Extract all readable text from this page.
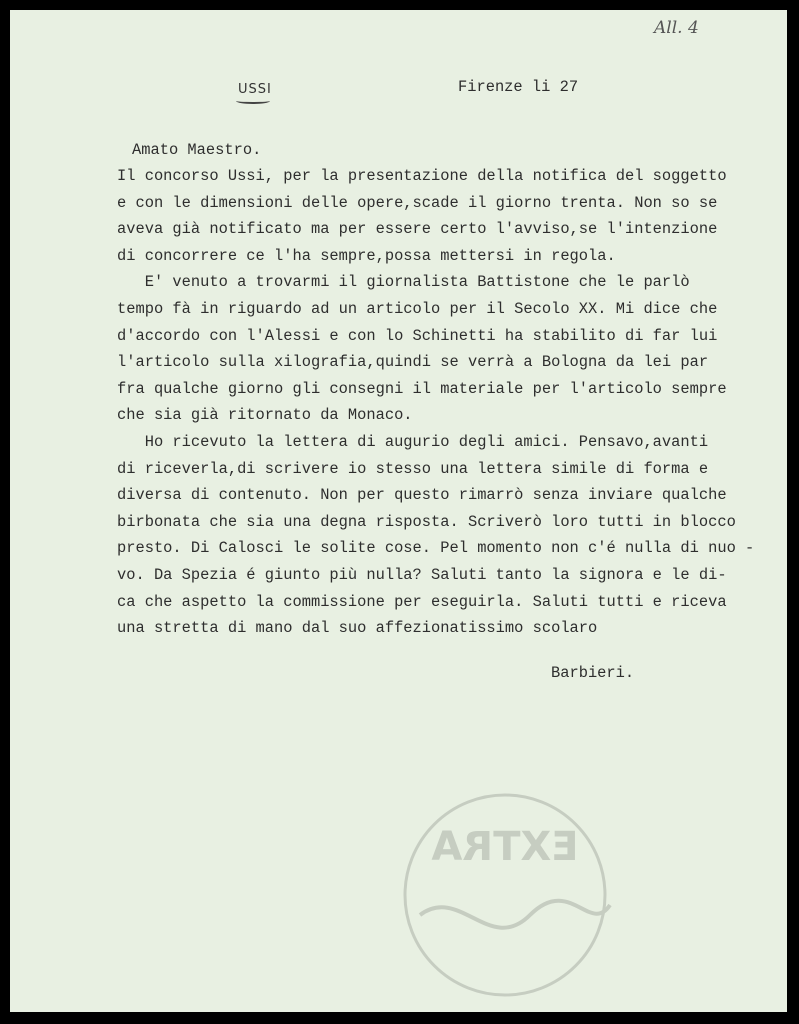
All. 4
USSI	Firenze li 27
Amato Maestro.
Il concorso Ussi, per la presentazione della notifica del soggetto
e con le dimensioni delle opere,scade il giorno trenta. Non so se
aveva già notificato ma per essere certo l'avviso,se l'intenzione
di concorrere ce l'ha sempre,possa mettersi in regola.
E' venuto a trovarmi il giornalista Battistone che le parlò
tempo fà in riguardo ad un articolo per il Secolo XX. Mi dice che
d'accordo con l'Alessi e con lo Schinetti ha stabilito di far lui
l'articolo sulla xilografia,quindi se verrà a Bologna da lei par
fra qualche giorno gli consegni il materiale per l'articolo sempre
che sia già ritornato da Monaco.
Ho ricevuto la lettera di augurio degli amici. Pensavo,avanti
di riceverla,di scrivere io stesso una lettera simile di forma e
diversa di contenuto. Non per questo rimarrò senza inviare qualche
birbonata che sia una degna risposta. Scriverò loro tutti in blocco
presto. Di Calosci le solite cose. Pel momento non c'é nulla di nuo -
vo. Da Spezia é giunto più nulla? Saluti tanto la signora e le di-
ca che aspetto la commissione per eseguirla. Saluti tutti e riceva
una stretta di mano dal suo affezionatissimo scolaro
Barbieri.
EXTRA
